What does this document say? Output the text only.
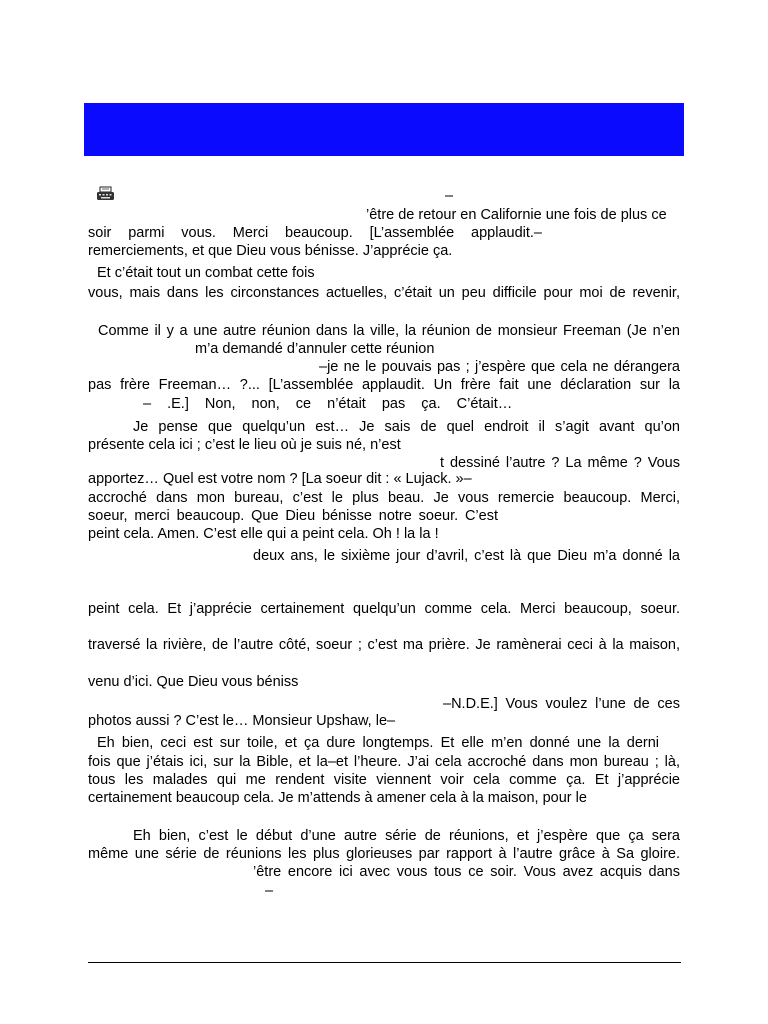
–
’être de retour en Californie une fois de plus ce
soir parmi vous. Merci beaucoup. [L’assemblée applaudit.–
remerciements, et que Dieu vous bénisse. J’apprécie ça.
Et c’était tout un combat cette fois
vous, mais dans les circonstances actuelles, c’était un peu difficile pour moi de revenir,
Comme il y a une autre réunion dans la ville, la réunion de monsieur Freeman (Je n’en
m’a demandé d’annuler cette réunion
–je ne le pouvais pas ; j’espère que cela ne dérangera
pas frère Freeman… ?... [L’assemblée applaudit. Un frère fait une déclaration sur la
– .E.] Non, non, ce n’était pas ça. C’était…
Je pense que quelqu’un est… Je sais de quel endroit il s’agit avant qu’on
présente cela ici ; c’est le lieu où je suis né, n’est
t dessiné l’autre ? La même ? Vous
apportez… Quel est votre nom ? [La soeur dit : « Lujack. »–
accroché dans mon bureau, c’est le plus beau. Je vous remercie beaucoup. Merci,
soeur, merci beaucoup. Que Dieu bénisse notre soeur. C’est
peint cela. Amen. C’est elle qui a peint cela. Oh ! la la !
deux ans, le sixième jour d’avril, c’est là que Dieu m’a donné la
peint cela. Et j’apprécie certainement quelqu’un comme cela. Merci beaucoup, soeur.
traversé la rivière, de l’autre côté, soeur ; c’est ma prière. Je ramènerai ceci à la maison,
venu d’ici. Que Dieu vous béniss
–N.D.E.] Vous voulez l’une de ces
photos aussi ? C’est le… Monsieur Upshaw, le–
Eh bien, ceci est sur toile, et ça dure longtemps. Et elle m’en donné une la derni
fois que j’étais ici, sur la Bible, et la–et l’heure. J’ai cela accroché dans mon bureau ; là,
tous les malades qui me rendent visite viennent voir cela comme ça. Et j’apprécie
certainement beaucoup cela. Je m’attends à amener cela à la maison, pour le
Eh bien, c’est le début d’une autre série de réunions, et j’espère que ça sera
même une série de réunions les plus glorieuses par rapport à l’autre grâce à Sa gloire.
’être encore ici avec vous tous ce soir. Vous avez acquis dans
–
